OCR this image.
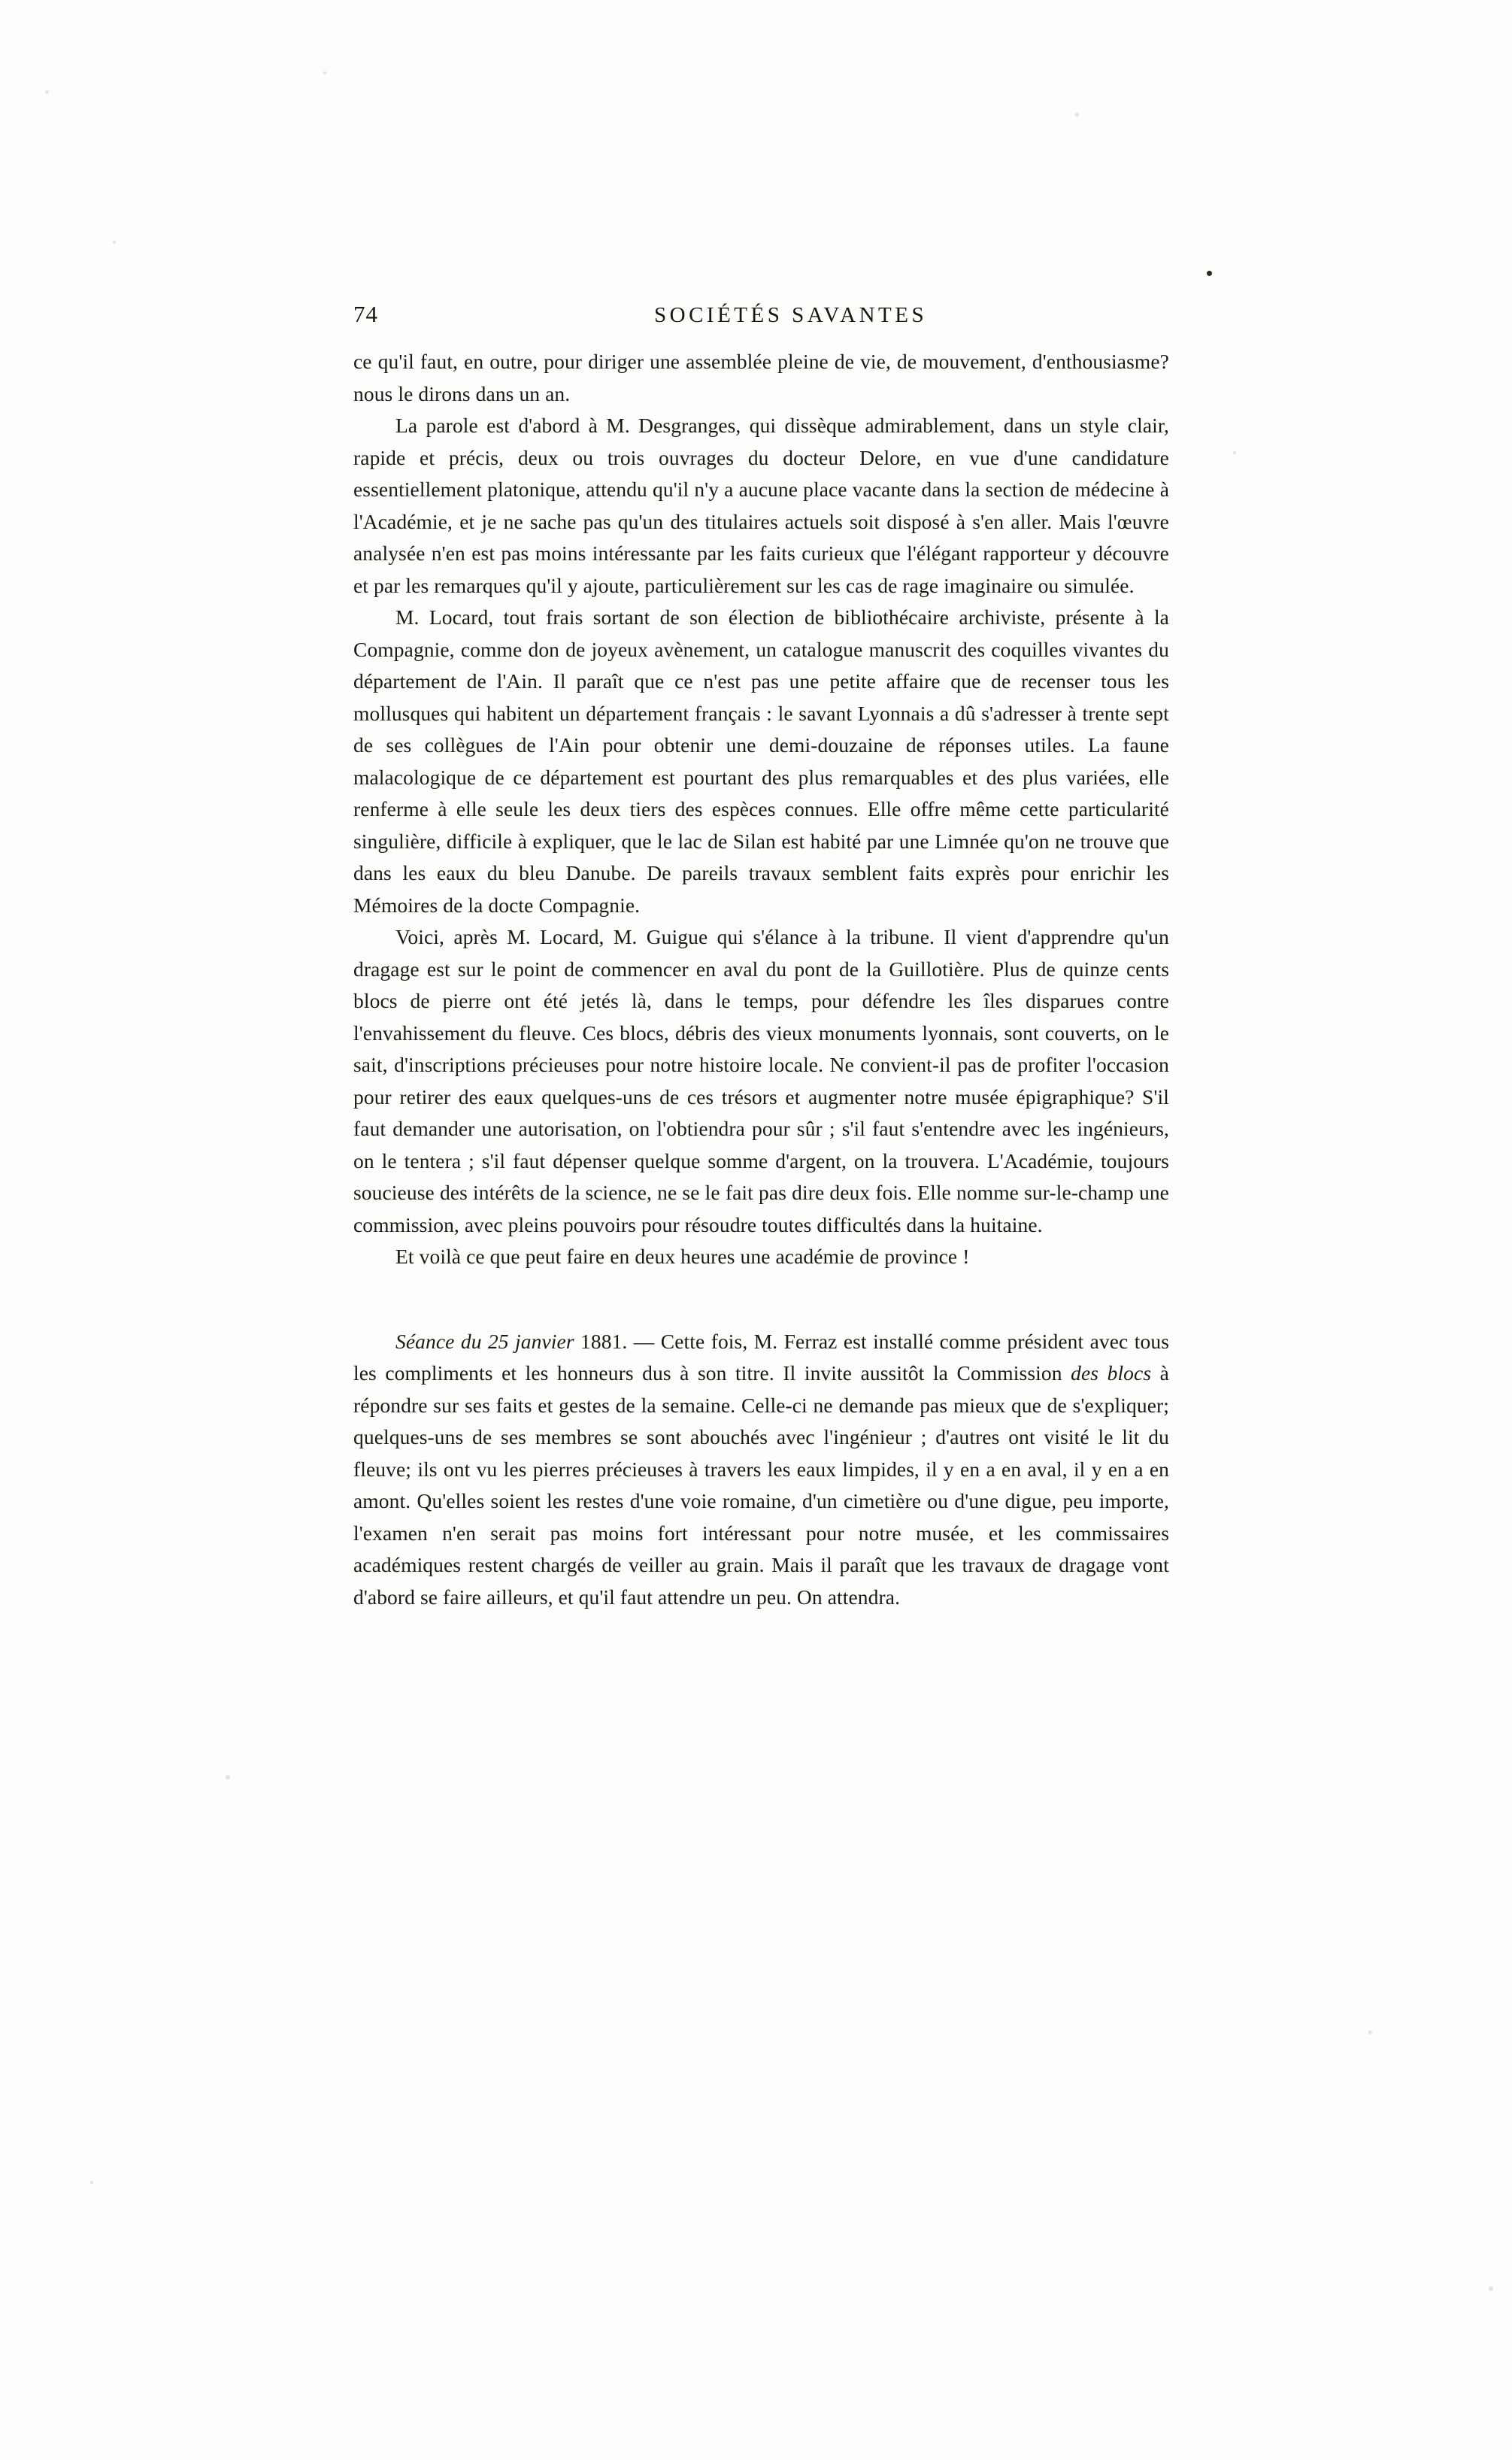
74	SOCIÉTÉS SAVANTES

ce qu'il faut, en outre, pour diriger une assemblée pleine de vie, de mouvement, d'enthousiasme? nous le dirons dans un an.

La parole est d'abord à M. Desgranges, qui dissèque admirablement, dans un style clair, rapide et précis, deux ou trois ouvrages du docteur Delore, en vue d'une candidature essentiellement platonique, attendu qu'il n'y a aucune place vacante dans la section de médecine à l'Académie, et je ne sache pas qu'un des titulaires actuels soit disposé à s'en aller. Mais l'œuvre analysée n'en est pas moins intéressante par les faits curieux que l'élégant rapporteur y découvre et par les remarques qu'il y ajoute, particulièrement sur les cas de rage imaginaire ou simulée.

M. Locard, tout frais sortant de son élection de bibliothécaire archiviste, présente à la Compagnie, comme don de joyeux avènement, un catalogue manuscrit des coquilles vivantes du département de l'Ain. Il paraît que ce n'est pas une petite affaire que de recenser tous les mollusques qui habitent un département français : le savant Lyonnais a dû s'adresser à trente sept de ses collègues de l'Ain pour obtenir une demi-douzaine de réponses utiles. La faune malacologique de ce département est pourtant des plus remarquables et des plus variées, elle renferme à elle seule les deux tiers des espèces connues. Elle offre même cette particularité singulière, difficile à expliquer, que le lac de Silan est habité par une Limnée qu'on ne trouve que dans les eaux du bleu Danube. De pareils travaux semblent faits exprès pour enrichir les Mémoires de la docte Compagnie.

Voici, après M. Locard, M. Guigue qui s'élance à la tribune. Il vient d'apprendre qu'un dragage est sur le point de commencer en aval du pont de la Guillotière. Plus de quinze cents blocs de pierre ont été jetés là, dans le temps, pour défendre les îles disparues contre l'envahissement du fleuve. Ces blocs, débris des vieux monuments lyonnais, sont couverts, on le sait, d'inscriptions précieuses pour notre histoire locale. Ne convient-il pas de profiter l'occasion pour retirer des eaux quelques-uns de ces trésors et augmenter notre musée épigraphique? S'il faut demander une autorisation, on l'obtiendra pour sûr ; s'il faut s'entendre avec les ingénieurs, on le tentera ; s'il faut dépenser quelque somme d'argent, on la trouvera. L'Académie, toujours soucieuse des intérêts de la science, ne se le fait pas dire deux fois. Elle nomme sur-le-champ une commission, avec pleins pouvoirs pour résoudre toutes difficultés dans la huitaine.

Et voilà ce que peut faire en deux heures une académie de province !

Séance du 25 janvier 1881. — Cette fois, M. Ferraz est installé comme président avec tous les compliments et les honneurs dus à son titre. Il invite aussitôt la Commission des blocs à répondre sur ses faits et gestes de la semaine. Celle-ci ne demande pas mieux que de s'expliquer; quelques-uns de ses membres se sont abouchés avec l'ingénieur ; d'autres ont visité le lit du fleuve; ils ont vu les pierres précieuses à travers les eaux limpides, il y en a en aval, il y en a en amont. Qu'elles soient les restes d'une voie romaine, d'un cimetière ou d'une digue, peu importe, l'examen n'en serait pas moins fort intéressant pour notre musée, et les commissaires académiques restent chargés de veiller au grain. Mais il paraît que les travaux de dragage vont d'abord se faire ailleurs, et qu'il faut attendre un peu. On attendra.
